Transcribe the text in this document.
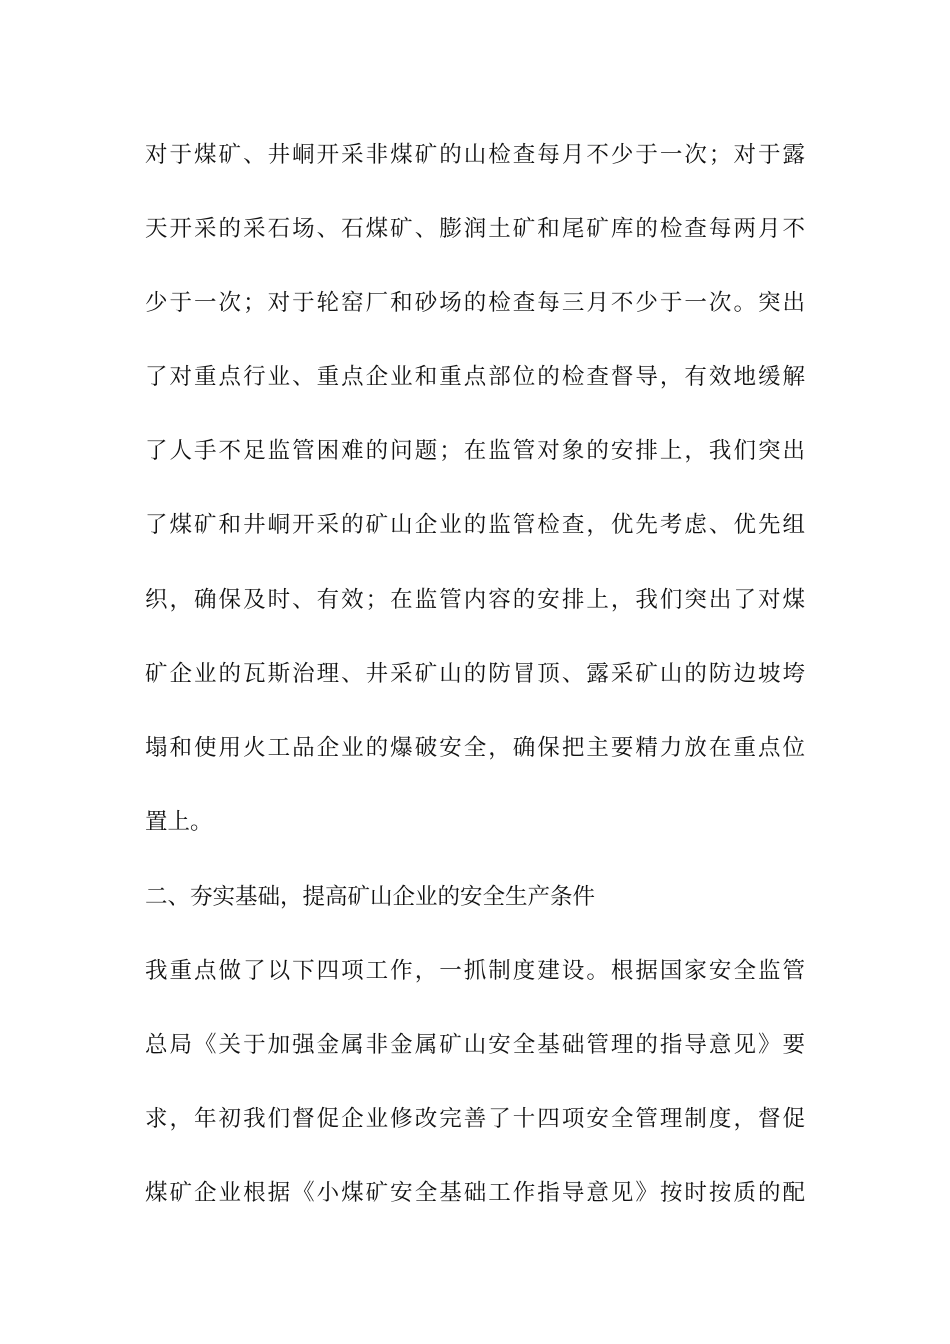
对于煤矿、井峒开采非煤矿的山检查每月不少于一次；对于露
天开采的采石场、石煤矿、膨润土矿和尾矿库的检查每两月不
少于一次；对于轮窑厂和砂场的检查每三月不少于一次。突出
了对重点行业、重点企业和重点部位的检查督导，有效地缓解
了人手不足监管困难的问题；在监管对象的安排上，我们突出
了煤矿和井峒开采的矿山企业的监管检查，优先考虑、优先组
织，确保及时、有效；在监管内容的安排上，我们突出了对煤
矿企业的瓦斯治理、井采矿山的防冒顶、露采矿山的防边坡垮
塌和使用火工品企业的爆破安全，确保把主要精力放在重点位
置上。
二、夯实基础，提高矿山企业的安全生产条件
我重点做了以下四项工作，一抓制度建设。根据国家安全监管
总局《关于加强金属非金属矿山安全基础管理的指导意见》要
求，年初我们督促企业修改完善了十四项安全管理制度，督促
煤矿企业根据《小煤矿安全基础工作指导意见》按时按质的配
